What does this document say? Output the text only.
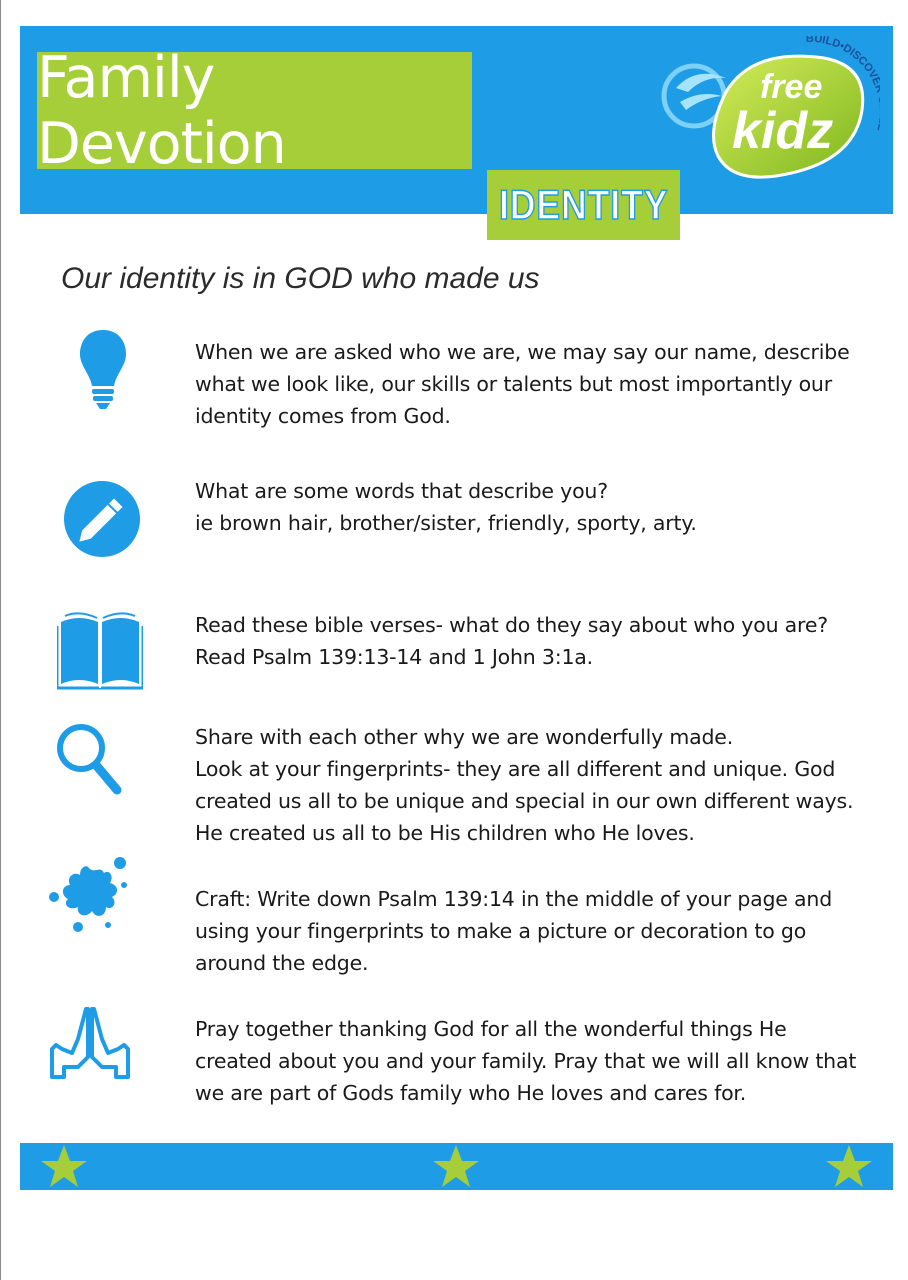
Family Devotion
IDENTITY
free
kidz
BUILD•DISCOV
Our identity is in GOD who made us
When we are asked who we are, we may say our name, describe
what we look like, our skills or talents but most importantly our
identity comes from God.
What are some words that describe you?
ie brown hair, brother/sister, friendly, sporty, arty.
Read these bible verses- what do they say about who you are?
Read Psalm 139:13-14 and 1 John 3:1a.
Share with each other why we are wonderfully made.
Look at your fingerprints- they are all different and unique. God
created us all to be unique and special in our own different ways.
He created us all to be His children who He loves.
Craft: Write down Psalm 139:14 in the middle of your page and
using your fingerprints to make a picture or decoration to go
around the edge.
Pray together thanking God for all the wonderful things He
created about you and your family. Pray that we will all know that
we are part of Gods family who He loves and cares for.
